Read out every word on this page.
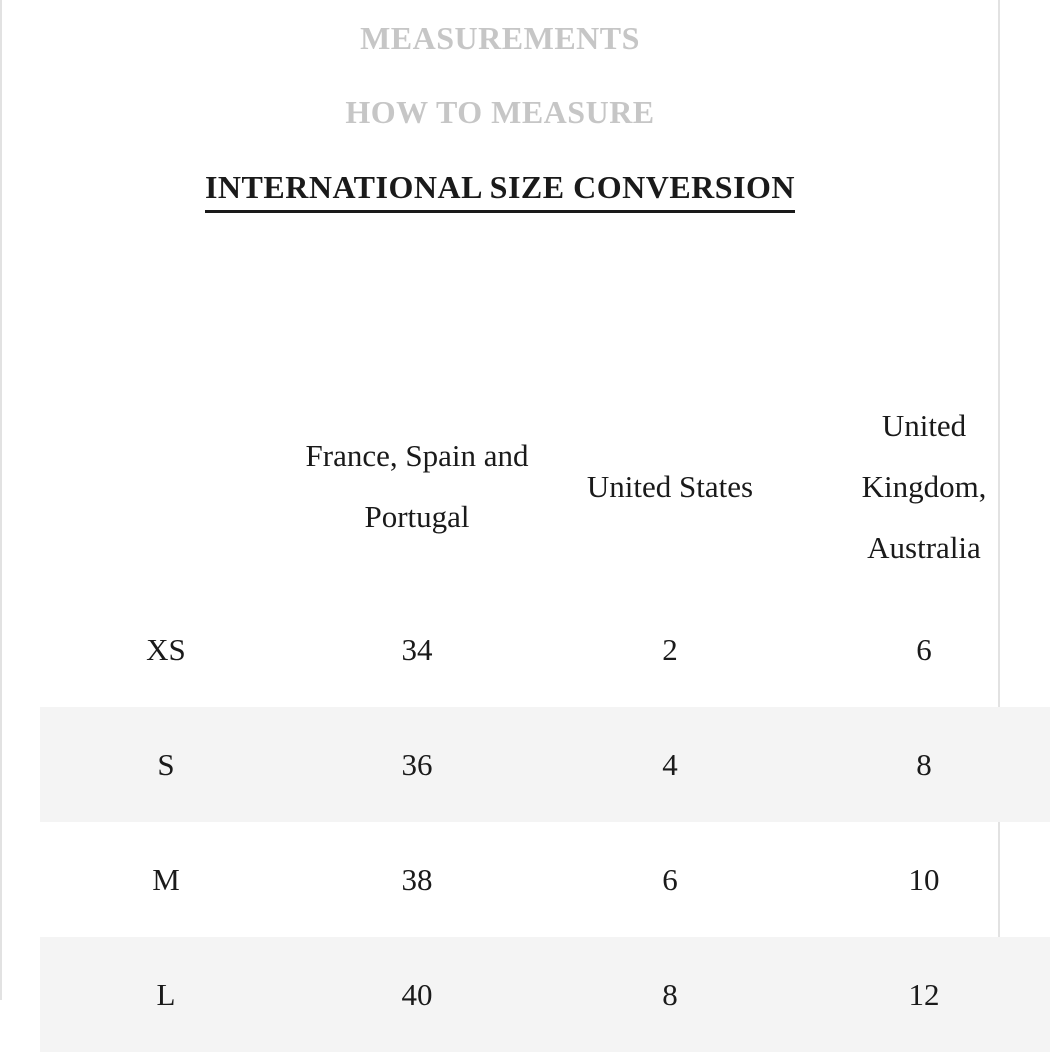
MEASUREMENTS
HOW TO MEASURE
INTERNATIONAL SIZE CONVERSION
	France, Spain and Portugal	United States	United Kingdom, Australia
XS	34	2	6
S	36	4	8
M	38	6	10
L	40	8	12
